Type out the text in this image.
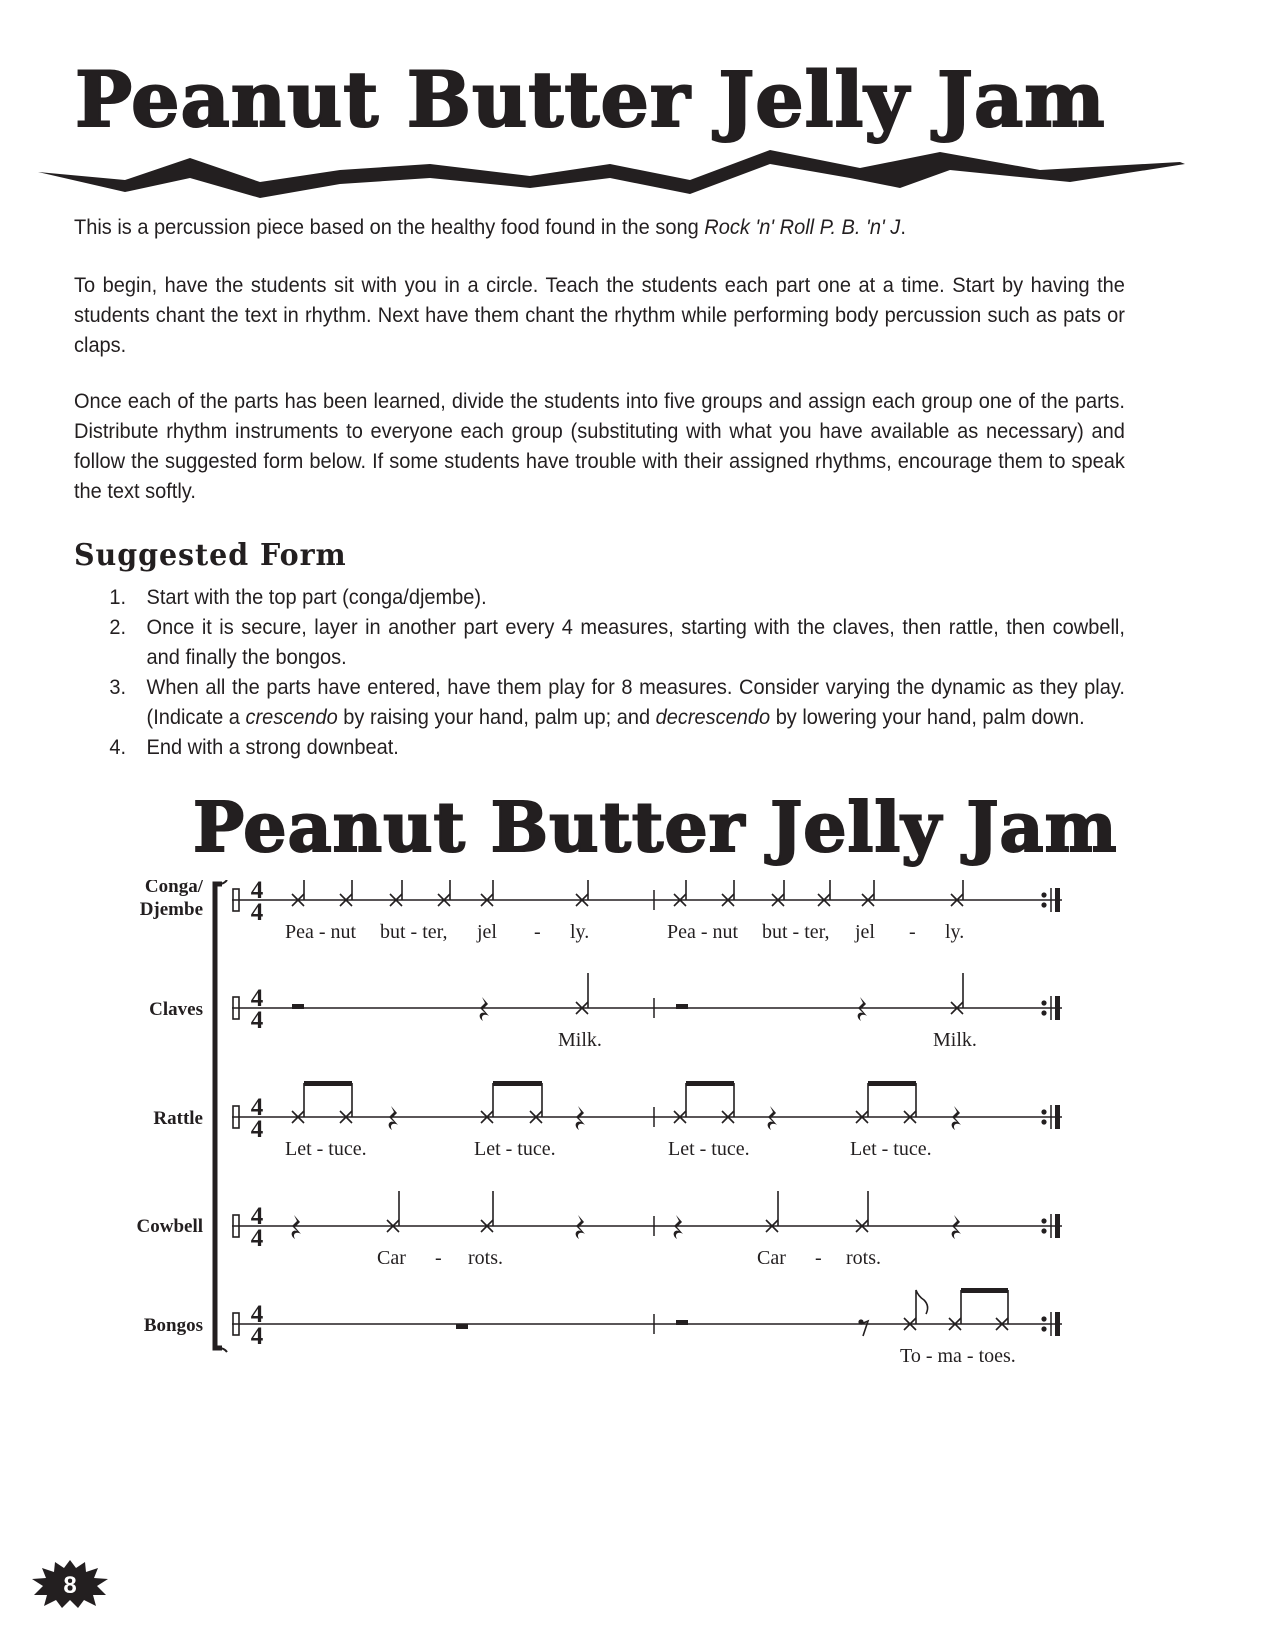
Peanut Butter Jelly Jam
This is a percussion piece based on the healthy food found in the song Rock 'n' Roll P. B. 'n' J.
To begin, have the students sit with you in a circle. Teach the students each part one at a time. Start by having the students chant the text in rhythm. Next have them chant the rhythm while performing body percussion such as pats or claps.
Once each of the parts has been learned, divide the students into five groups and assign each group one of the parts. Distribute rhythm instruments to everyone each group (substituting with what you have available as necessary) and follow the suggested form below. If some students have trouble with their assigned rhythms, encourage them to speak the text softly.
Suggested Form
1. Start with the top part (conga/djembe).
2. Once it is secure, layer in another part every 4 measures, starting with the claves, then rattle, then cowbell, and finally the bongos.
3. When all the parts have entered, have them play for 8 measures. Consider varying the dynamic as they play. (Indicate a crescendo by raising your hand, palm up; and decrescendo by lowering your hand, palm down.
4. End with a strong downbeat.
Peanut Butter Jelly Jam
Conga/
Djembe
4
4
Pea - nut but - ter, jel - ly.	Pea - nut but - ter, jel - ly.
Claves 4
4
Milk.	Milk.
Rattle 4
4
Let - tuce.	Let - tuce.	Let - tuce.	Let - tuce.
Cowbell 4
4
Car - rots.	Car - rots.
Bongos 4
4
To - ma - toes.
8
